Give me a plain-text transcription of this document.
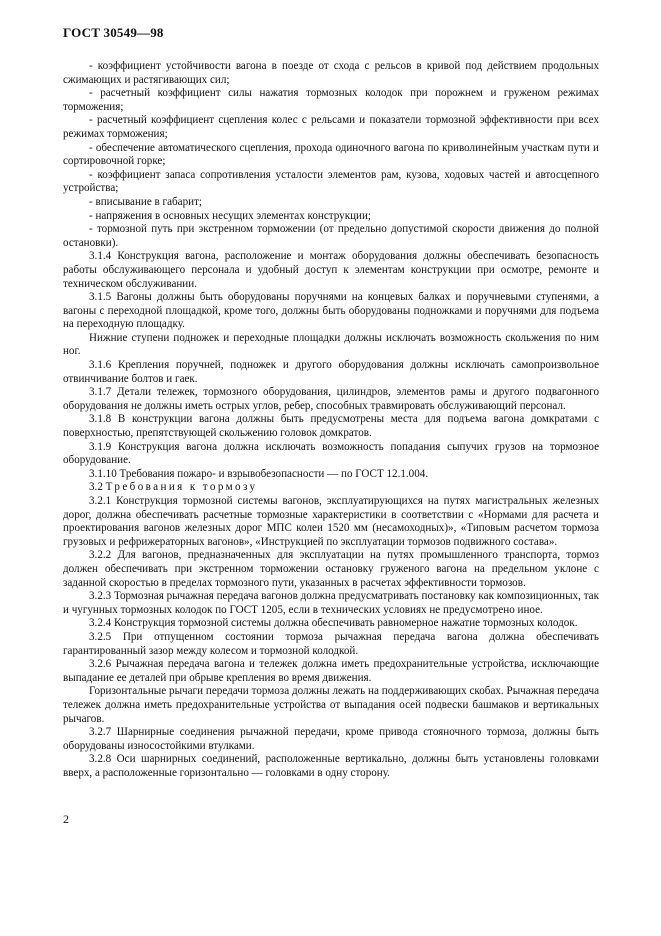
ГОСТ 30549—98

- коэффициент устойчивости вагона в поезде от схода с рельсов в кривой под действием продольных сжимающих и растягивающих сил;

- расчетный коэффициент силы нажатия тормозных колодок при порожнем и груженом режимах торможения;

- расчетный коэффициент сцепления колес с рельсами и показатели тормозной эффективности при всех режимах торможения;

- обеспечение автоматического сцепления, прохода одиночного вагона по криволинейным участкам пути и сортировочной горке;

- коэффициент запаса сопротивления усталости элементов рам, кузова, ходовых частей и автосцепного устройства;

- вписывание в габарит;

- напряжения в основных несущих элементах конструкции;

- тормозной путь при экстренном торможении (от предельно допустимой скорости движения до полной остановки).

3.1.4 Конструкция вагона, расположение и монтаж оборудования должны обеспечивать безопасность работы обслуживающего персонала и удобный доступ к элементам конструкции при осмотре, ремонте и техническом обслуживании.

3.1.5 Вагоны должны быть оборудованы поручнями на концевых балках и поручневыми ступенями, а вагоны с переходной площадкой, кроме того, должны быть оборудованы подножками и поручнями для подъема на переходную площадку.

Нижние ступени подножек и переходные площадки должны исключать возможность скольжения по ним ног.

3.1.6 Крепления поручней, подножек и другого оборудования должны исключать самопроизвольное отвинчивание болтов и гаек.

3.1.7 Детали тележек, тормозного оборудования, цилиндров, элементов рамы и другого подвагонного оборудования не должны иметь острых углов, ребер, способных травмировать обслуживающий персонал.

3.1.8 В конструкции вагона должны быть предусмотрены места для подъема вагона домкратами с поверхностью, препятствующей скольжению головок домкратов.

3.1.9 Конструкция вагона должна исключать возможность попадания сыпучих грузов на тормозное оборудование.

3.1.10 Требования пожаро- и взрывобезопасности — по ГОСТ 12.1.004.

3.2 Требования к тормозу

3.2.1 Конструкция тормозной системы вагонов, эксплуатирующихся на путях магистральных железных дорог, должна обеспечивать расчетные тормозные характеристики в соответствии с «Нормами для расчета и проектирования вагонов железных дорог МПС колеи 1520 мм (несамоходных)», «Типовым расчетом тормоза грузовых и рефрижераторных вагонов», «Инструкцией по эксплуатации тормозов подвижного состава».

3.2.2 Для вагонов, предназначенных для эксплуатации на путях промышленного транспорта, тормоз должен обеспечивать при экстренном торможении остановку груженого вагона на предельном уклоне с заданной скоростью в пределах тормозного пути, указанных в расчетах эффективности тормозов.

3.2.3 Тормозная рычажная передача вагонов должна предусматривать постановку как композиционных, так и чугунных тормозных колодок по ГОСТ 1205, если в технических условиях не предусмотрено иное.

3.2.4 Конструкция тормозной системы должна обеспечивать равномерное нажатие тормозных колодок.

3.2.5 При отпущенном состоянии тормоза рычажная передача вагона должна обеспечивать гарантированный зазор между колесом и тормозной колодкой.

3.2.6 Рычажная передача вагона и тележек должна иметь предохранительные устройства, исключающие выпадание ее деталей при обрыве крепления во время движения.

Горизонтальные рычаги передачи тормоза должны лежать на поддерживающих скобах. Рычажная передача тележек должна иметь предохранительные устройства от выпадания осей подвески башмаков и вертикальных рычагов.

3.2.7 Шарнирные соединения рычажной передачи, кроме привода стояночного тормоза, должны быть оборудованы износостойкими втулками.

3.2.8 Оси шарнирных соединений, расположенные вертикально, должны быть установлены головками вверх, а расположенные горизонтально — головками в одну сторону.

2
